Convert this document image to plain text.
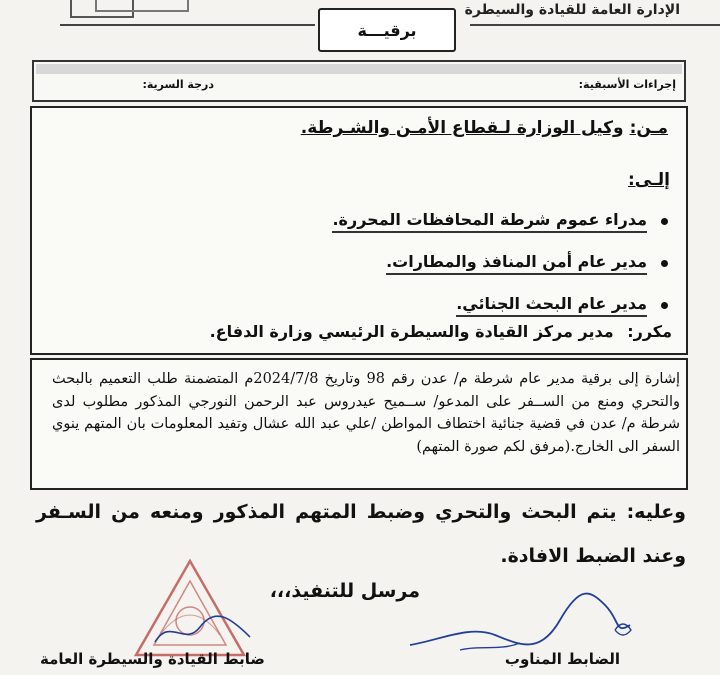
الإدارة العامة للقيادة والسيطرة
برقيـــة
إجراءات الأسبقية:
درجة السرية:
مـن: وكيل الوزارة لـقطاع الأمـن والشـرطة.
إلـى:
مدراء عموم شرطة المحافظات المحررة.
مدير عام أمن المنافذ والمطارات.
مدير عام البحث الجنائي.
مكرر: مدير مركز القيادة والسيطرة الرئيسي وزارة الدفاع.
إشارة إلى برقية مدير عام شرطة م/ عدن رقم 98 وتاريخ 2024/7/8م المتضمنة طلب التعميم بالبحث والتحري ومنع من الســفر على المدعو/ ســميح عيدروس عبد الرحمن النورجي المذكور مطلوب لدى شرطة م/ عدن في قضية جنائية اختطاف المواطن /علي عبد الله عشال وتفيد المعلومات بان المتهم ينوي السفر الى الخارج.(مرفق لكم صورة المتهم)
وعليه: يتم البحث والتحري وضبط المتهم المذكور ومنعه من السـفر وعند الضبط الافادة.
مرسل للتنفيذ،،،
ضابط القيادة والسيطرة العامة	الضابط المناوب
